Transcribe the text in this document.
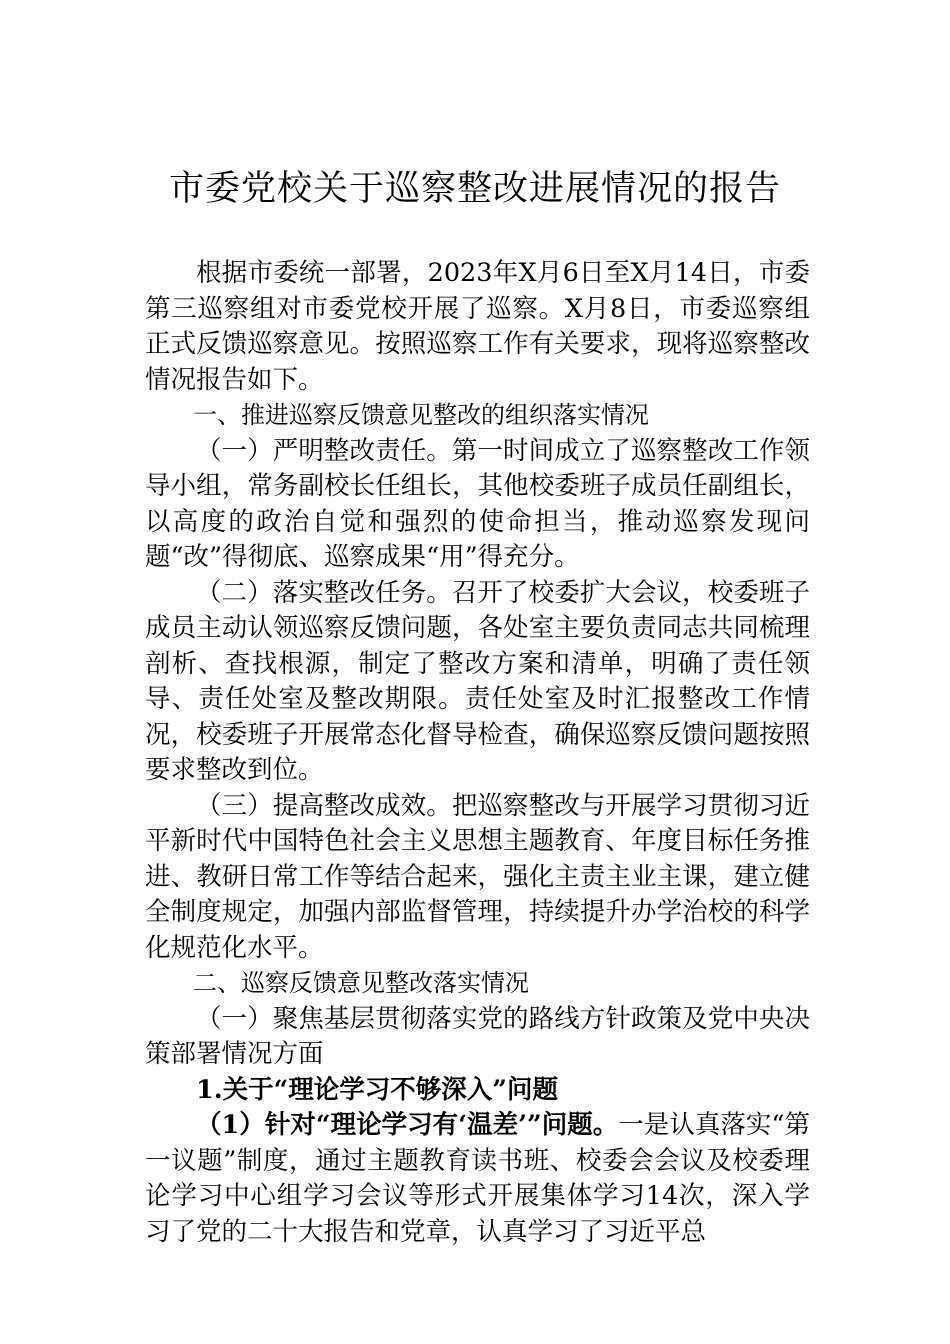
市委党校关于巡察整改进展情况的报告

根据市委统一部署，2023年X月6日至X月14日，市委第三巡察组对市委党校开展了巡察。X月8日，市委巡察组正式反馈巡察意见。按照巡察工作有关要求，现将巡察整改情况报告如下。

一、推进巡察反馈意见整改的组织落实情况

（一）严明整改责任。第一时间成立了巡察整改工作领导小组，常务副校长任组长，其他校委班子成员任副组长，以高度的政治自觉和强烈的使命担当，推动巡察发现问题“改”得彻底、巡察成果“用”得充分。

（二）落实整改任务。召开了校委扩大会议，校委班子成员主动认领巡察反馈问题，各处室主要负责同志共同梳理剖析、查找根源，制定了整改方案和清单，明确了责任领导、责任处室及整改期限。责任处室及时汇报整改工作情况，校委班子开展常态化督导检查，确保巡察反馈问题按照要求整改到位。

（三）提高整改成效。把巡察整改与开展学习贯彻习近平新时代中国特色社会主义思想主题教育、年度目标任务推进、教研日常工作等结合起来，强化主责主业主课，建立健全制度规定，加强内部监督管理，持续提升办学治校的科学化规范化水平。

二、巡察反馈意见整改落实情况

（一）聚焦基层贯彻落实党的路线方针政策及党中央决策部署情况方面

1.关于“理论学习不够深入”问题

（1）针对“理论学习有‘温差’”问题。一是认真落实“第一议题”制度，通过主题教育读书班、校委会会议及校委理论学习中心组学习会议等形式开展集体学习14次，深入学习了党的二十大报告和党章，认真学习了习近平总
